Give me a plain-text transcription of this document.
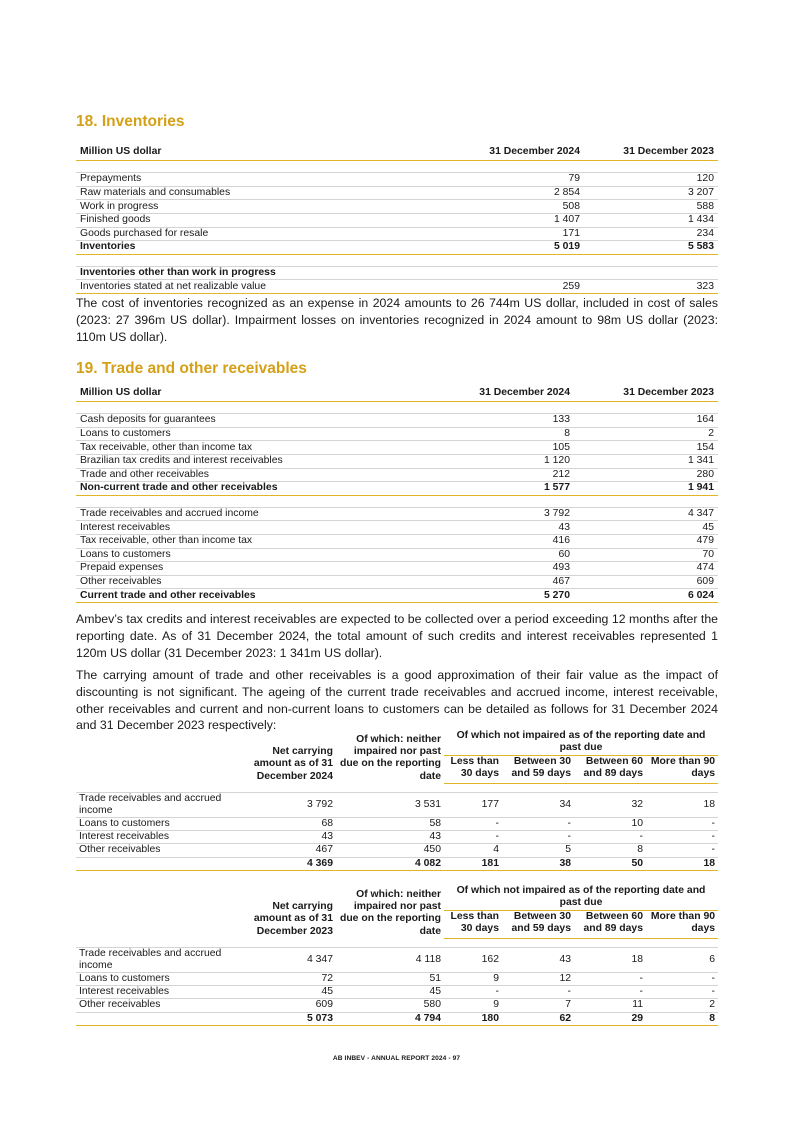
18. Inventories
Million US dollar	31 December 2024	31 December 2023

Prepayments	79	120
Raw materials and consumables	2 854	3 207
Work in progress	508	588
Finished goods	1 407	1 434
Goods purchased for resale	171	234
Inventories	5 019	5 583

Inventories other than work in progress		
Inventories stated at net realizable value	259	323

The cost of inventories recognized as an expense in 2024 amounts to 26 744m US dollar, included in cost of sales (2023: 27 396m US dollar). Impairment losses on inventories recognized in 2024 amount to 98m US dollar (2023: 110m US dollar).

19. Trade and other receivables
Million US dollar	31 December 2024	31 December 2023

Cash deposits for guarantees	133	164
Loans to customers	8	2
Tax receivable, other than income tax	105	154
Brazilian tax credits and interest receivables	1 120	1 341
Trade and other receivables	212	280
Non-current trade and other receivables	1 577	1 941

Trade receivables and accrued income	3 792	4 347
Interest receivables	43	45
Tax receivable, other than income tax	416	479
Loans to customers	60	70
Prepaid expenses	493	474
Other receivables	467	609
Current trade and other receivables	5 270	6 024

Ambev’s tax credits and interest receivables are expected to be collected over a period exceeding 12 months after the reporting date. As of 31 December 2024, the total amount of such credits and interest receivables represented 1 120m US dollar (31 December 2023: 1 341m US dollar).

The carrying amount of trade and other receivables is a good approximation of their fair value as the impact of discounting is not significant. The ageing of the current trade receivables and accrued income, interest receivable, other receivables and current and non-current loans to customers can be detailed as follows for 31 December 2024 and 31 December 2023 respectively:

	Net carrying amount as of 31 December 2024	Of which: neither impaired nor past due on the reporting date	Of which not impaired as of the reporting date and past due			
			Less than 30 days	Between 30 and 59 days	Between 60 and 89 days	More than 90 days

Trade receivables and accrued income	3 792	3 531	177	34	32	18
Loans to customers	68	58	-	-	10	-
Interest receivables	43	43	-	-	-	-
Other receivables	467	450	4	5	8	-
	4 369	4 082	181	38	50	18
	Net carrying amount as of 31 December 2023	Of which: neither impaired nor past due on the reporting date	Of which not impaired as of the reporting date and past due			
			Less than 30 days	Between 30 and 59 days	Between 60 and 89 days	More than 90 days

Trade receivables and accrued income	4 347	4 118	162	43	18	6
Loans to customers	72	51	9	12	-	-
Interest receivables	45	45	-	-	-	-
Other receivables	609	580	9	7	11	2
	5 073	4 794	180	62	29	8
AB INBEV - ANNUAL REPORT 2024 - 97
